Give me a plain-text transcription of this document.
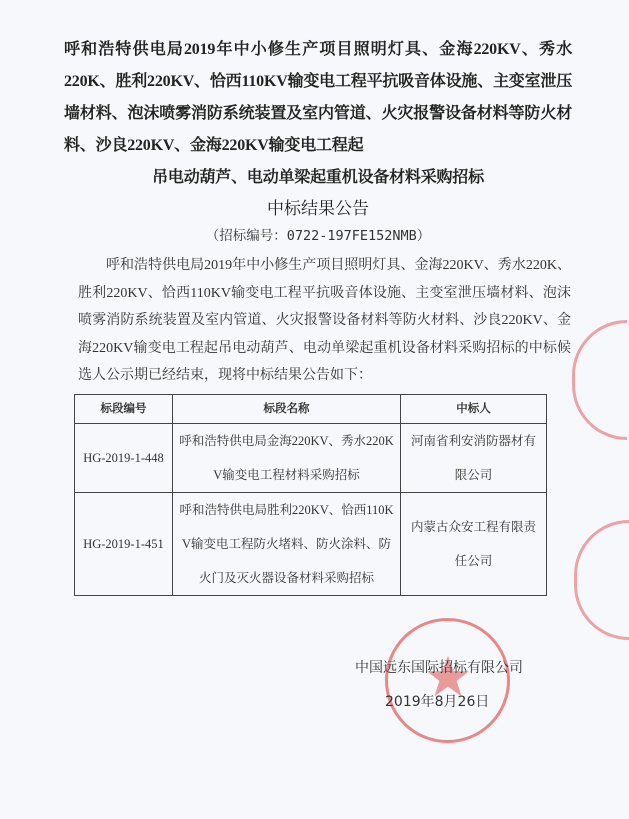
呼和浩特供电局2019年中小修生产项目照明灯具、金海220KV、秀水220K、胜利220KV、恰西110KV输变电工程平抗吸音体设施、主变室泄压墙材料、泡沫喷雾消防系统装置及室内管道、火灾报警设备材料等防火材料、沙良220KV、金海220KV输变电工程起
吊电动葫芦、电动单梁起重机设备材料采购招标
中标结果公告
（招标编号：0722-197FE152NMB）
呼和浩特供电局2019年中小修生产项目照明灯具、金海220KV、秀水220K、胜利220KV、恰西110KV输变电工程平抗吸音体设施、主变室泄压墙材料、泡沫喷雾消防系统装置及室内管道、火灾报警设备材料等防火材料、沙良220KV、金海220KV输变电工程起吊电动葫芦、电动单梁起重机设备材料采购招标的中标候选人公示期已经结束，现将中标结果公告如下：
标段编号	标段名称	中标人
HG-2019-1-448	呼和浩特供电局金海220KV、秀水220KV输变电工程材料采购招标	河南省利安消防器材有限公司
HG-2019-1-451	呼和浩特供电局胜利220KV、恰西110KV输变电工程防火堵料、防火涂料、防火门及灭火器设备材料采购招标	内蒙古众安工程有限责任公司
中国远东国际招标有限公司
2019年8月26日
